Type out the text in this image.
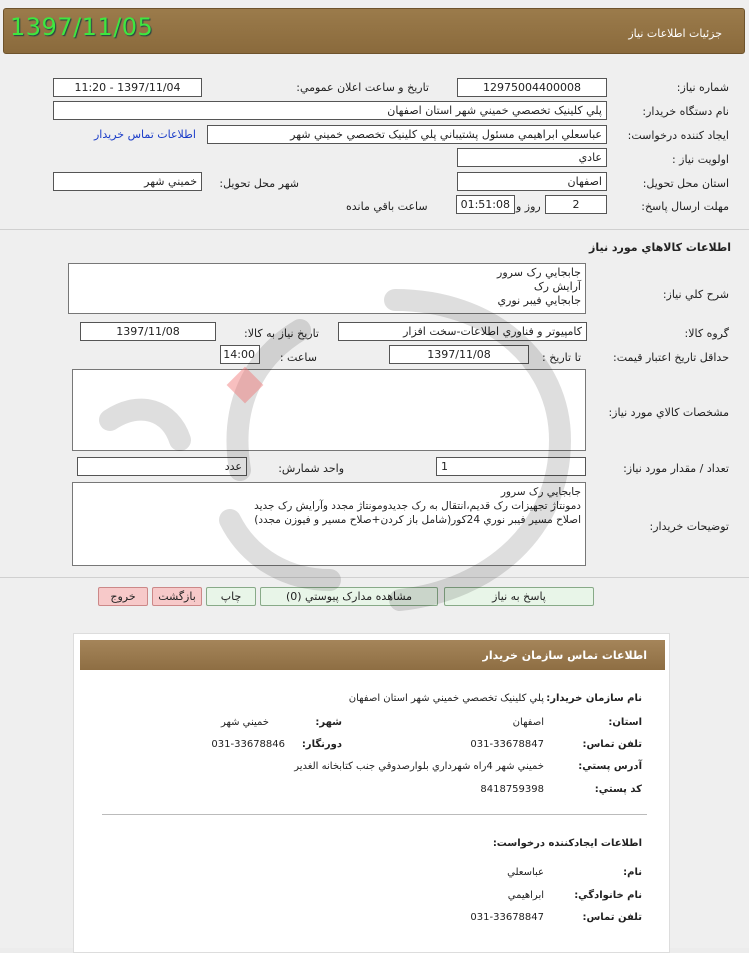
1397/11/05	جزئيات اطلاعات نياز
شماره نياز:
12975004400008
تاريخ و ساعت اعلان عمومي:
1397/11/04 - 11:20
نام دستگاه خريدار:
پلي کلينيک تخصصي خميني شهر استان اصفهان
ايجاد کننده درخواست:
عباسعلي ابراهيمي مسئول پشتيباني پلي کلينيک تخصصي خميني شهر
اطلاعات تماس خريدار
اولويت نياز :
عادي
استان محل تحويل:
اصفهان
شهر محل تحويل:
خميني شهر
مهلت ارسال پاسخ:
2
روز و
01:51:08
ساعت باقي مانده
اطلاعات کالاهاي مورد نياز
شرح کلي نياز:
جابجايي رک سرور
آرايش رک
جابجايي فيبر نوري
گروه کالا:
کامپيوتر و فناوري اطلاعات-سخت افزار
تاريخ نياز به کالا:
1397/11/08
حداقل تاريخ اعتبار قيمت:
تا تاريخ :
1397/11/08
ساعت :
14:00
مشخصات کالاي مورد نياز:
تعداد / مقدار مورد نياز:
1
واحد شمارش:
عدد
توضيحات خريدار:
جابجايي رک سرور
دمونتاژ تجهيزات رک قديم،انتقال به رک جديدومونتاژ مجدد وآرايش رک جديد
اصلاح مسير فيبر نوري 24کور(شامل باز کردن+صلاح مسير و فيوزن مجدد)
پاسخ به نياز
مشاهده مدارک پيوستي (0)
چاپ
بازگشت
خروج
اطلاعات تماس سازمان خريدار
نام سازمان خريدار:
پلي کلينيک تخصصي خميني شهر استان اصفهان
استان:
اصفهان
شهر:
خميني شهر
تلفن تماس:
031-33678847
دورنگار:
031-33678846
آدرس پستي:
خميني شهر 4راه شهرداري بلوارصدوقي جنب کتابخانه الغدير
کد پستي:
8418759398
اطلاعات ايجادکننده درخواست:
نام:
عباسعلي
نام خانوادگي:
ابراهيمي
تلفن تماس:
031-33678847
